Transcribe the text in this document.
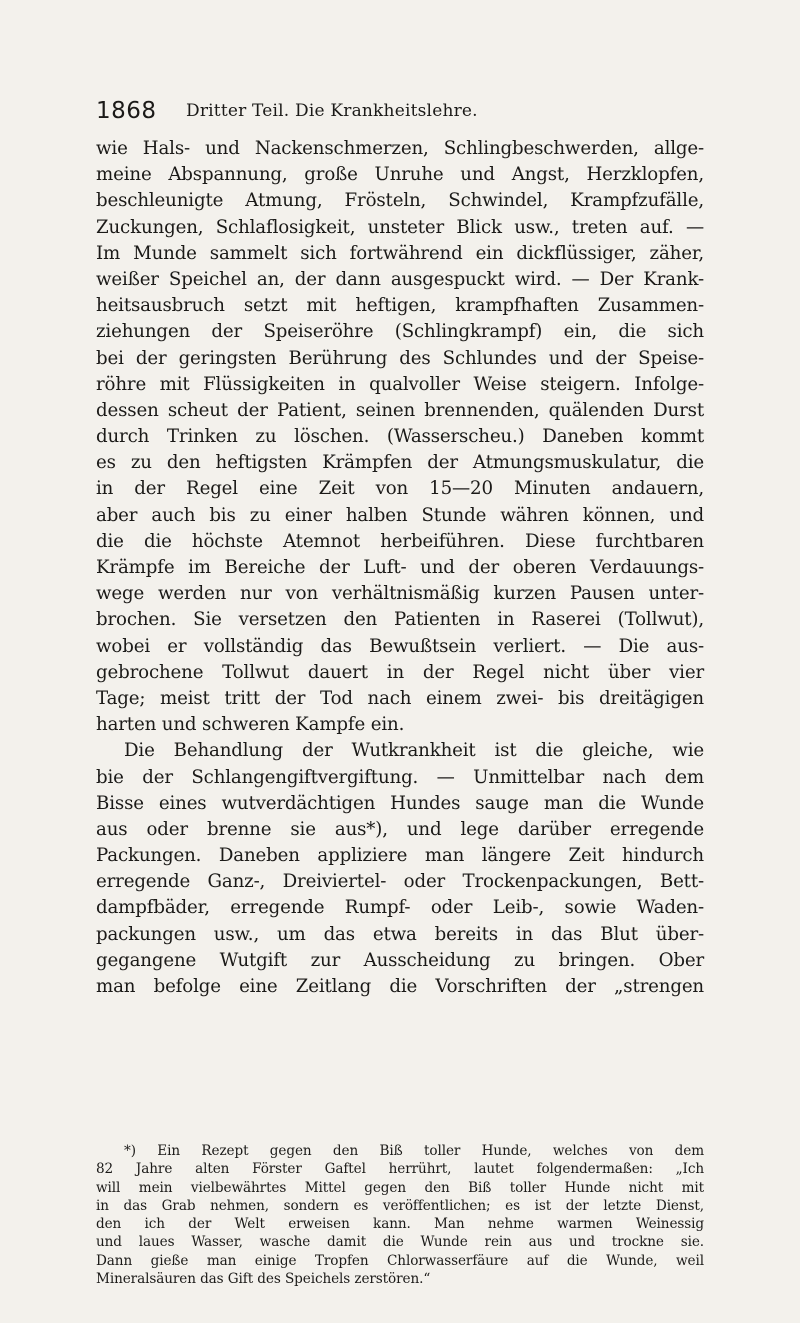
1868 Dritter Teil. Die Krankheitslehre.
wie Hals- und Nackenschmerzen, Schlingbeschwerden, allge-
meine Abspannung, große Unruhe und Angst, Herzklopfen,
beschleunigte Atmung, Frösteln, Schwindel, Krampfzufälle,
Zuckungen, Schlaflosigkeit, unsteter Blick usw., treten auf. —
Im Munde sammelt sich fortwährend ein dickflüssiger, zäher,
weißer Speichel an, der dann ausgespuckt wird. — Der Krank-
heitsausbruch setzt mit heftigen, krampfhaften Zusammen-
ziehungen der Speiseröhre (Schlingkrampf) ein, die sich
bei der geringsten Berührung des Schlundes und der Speise-
röhre mit Flüssigkeiten in qualvoller Weise steigern. Infolge-
dessen scheut der Patient, seinen brennenden, quälenden Durst
durch Trinken zu löschen. (Wasserscheu.) Daneben kommt
es zu den heftigsten Krämpfen der Atmungsmuskulatur, die
in der Regel eine Zeit von 15—20 Minuten andauern,
aber auch bis zu einer halben Stunde währen können, und
die die höchste Atemnot herbeiführen. Diese furchtbaren
Krämpfe im Bereiche der Luft- und der oberen Verdauungs-
wege werden nur von verhältnismäßig kurzen Pausen unter-
brochen. Sie versetzen den Patienten in Raserei (Tollwut),
wobei er vollständig das Bewußtsein verliert. — Die aus-
gebrochene Tollwut dauert in der Regel nicht über vier
Tage; meist tritt der Tod nach einem zwei- bis dreitägigen
harten und schweren Kampfe ein.
Die Behandlung der Wutkrankheit ist die gleiche, wie
bie der Schlangengiftvergiftung. — Unmittelbar nach dem
Bisse eines wutverdächtigen Hundes sauge man die Wunde
aus oder brenne sie aus*), und lege darüber erregende
Packungen. Daneben appliziere man längere Zeit hindurch
erregende Ganz-, Dreiviertel- oder Trockenpackungen, Bett-
dampfbäder, erregende Rumpf- oder Leib-, sowie Waden-
packungen usw., um das etwa bereits in das Blut über-
gegangene Wutgift zur Ausscheidung zu bringen. Ober
man befolge eine Zeitlang die Vorschriften der „strengen
*) Ein Rezept gegen den Biß toller Hunde, welches von dem
82 Jahre alten Förster Gaftel herrührt, lautet folgendermaßen: „Ich
will mein vielbewährtes Mittel gegen den Biß toller Hunde nicht mit
in das Grab nehmen, sondern es veröffentlichen; es ist der letzte Dienst,
den ich der Welt erweisen kann. Man nehme warmen Weinessig
und laues Wasser, wasche damit die Wunde rein aus und trockne sie.
Dann gieße man einige Tropfen Chlorwasserfäure auf die Wunde, weil
Mineralsäuren das Gift des Speichels zerstören.“
